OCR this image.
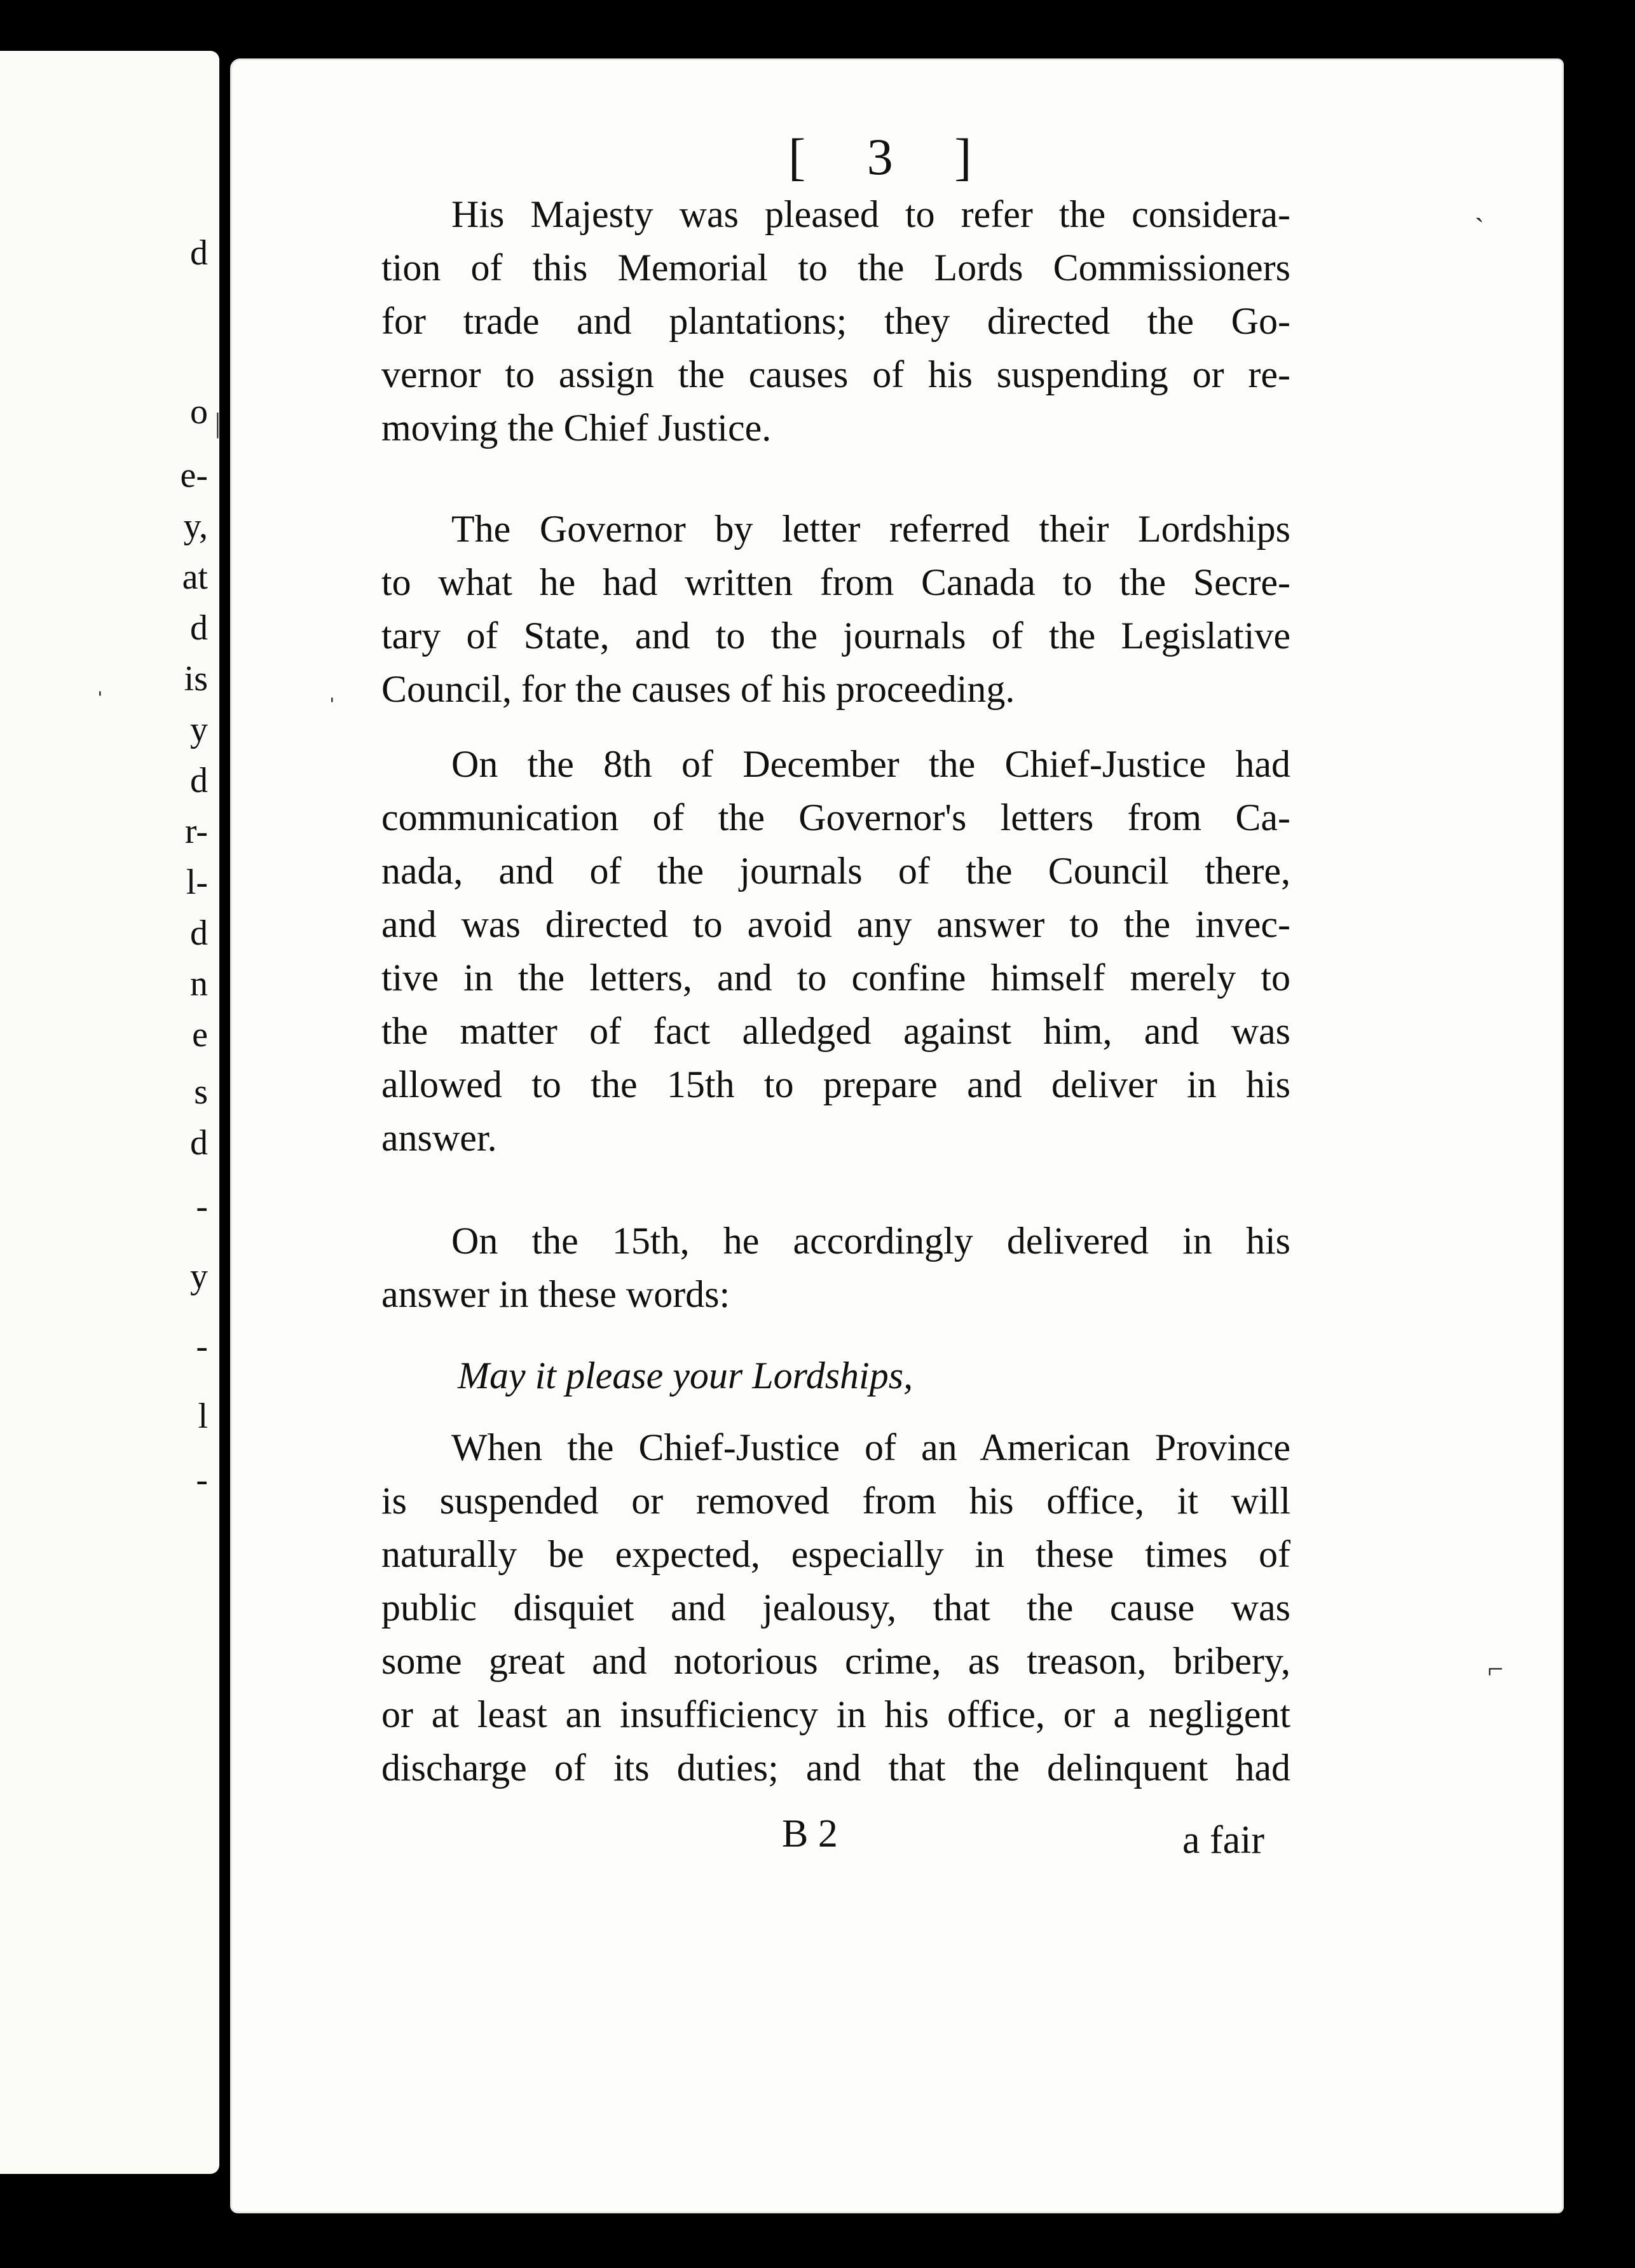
d
o
e-
y,
at
d
is
y
d
r-
l-
d
n
e
s
d
-
y
-
l
-
[ 3 ]
His Majesty was pleased to refer the considera-
tion of this Memorial to the Lords Commissioners
for trade and plantations; they directed the Go-
vernor to assign the causes of his suspending or re-
moving the Chief Justice.
The Governor by letter referred their Lordships
to what he had written from Canada to the Secre-
tary of State, and to the journals of the Legislative
Council, for the causes of his proceeding.
On the 8th of December the Chief-Justice had
communication of the Governor's letters from Ca-
nada, and of the journals of the Council there,
and was directed to avoid any answer to the invec-
tive in the letters, and to confine himself merely to
the matter of fact alledged against him, and was
allowed to the 15th to prepare and deliver in his
answer.
On the 15th, he accordingly delivered in his
answer in these words:
May it please your Lordships,
When the Chief-Justice of an American Province
is suspended or removed from his office, it will
naturally be expected, especially in these times of
public disquiet and jealousy, that the cause was
some great and notorious crime, as treason, bribery,
or at least an insufficiency in his office, or a negligent
discharge of its duties; and that the delinquent had
B 2	a fair
|
ˌ	ˌ
ˎ
⌐
